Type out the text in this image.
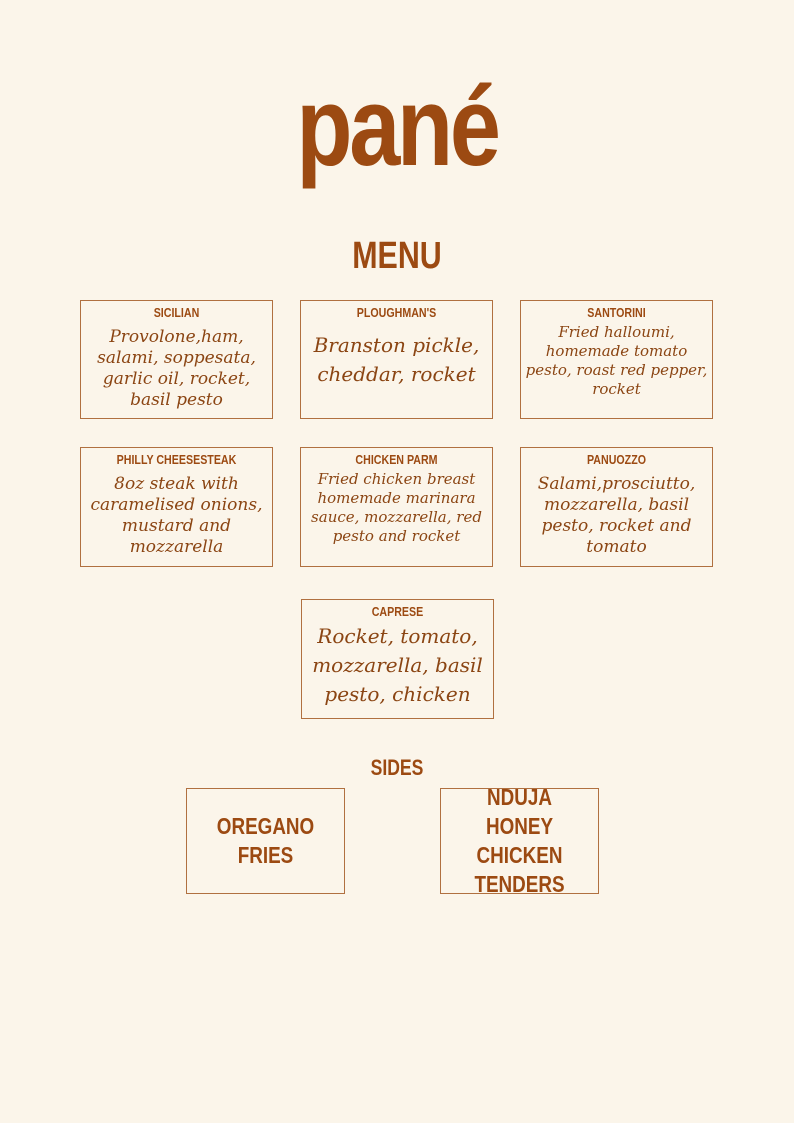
pané
MENU
SICILIAN
Provolone,ham, salami, soppesata, garlic oil, rocket, basil pesto
PLOUGHMAN'S
Branston pickle, cheddar, rocket
SANTORINI
Fried halloumi, homemade tomato pesto, roast red pepper, rocket
PHILLY CHEESESTEAK
8oz steak with caramelised onions, mustard and mozzarella
CHICKEN PARM
Fried chicken breast homemade marinara sauce, mozzarella, red pesto and rocket
PANUOZZO
Salami,prosciutto, mozzarella, basil pesto, rocket and tomato
CAPRESE
Rocket, tomato, mozzarella, basil pesto, chicken
SIDES
OREGANO FRIES
NDUJA HONEY CHICKEN TENDERS
